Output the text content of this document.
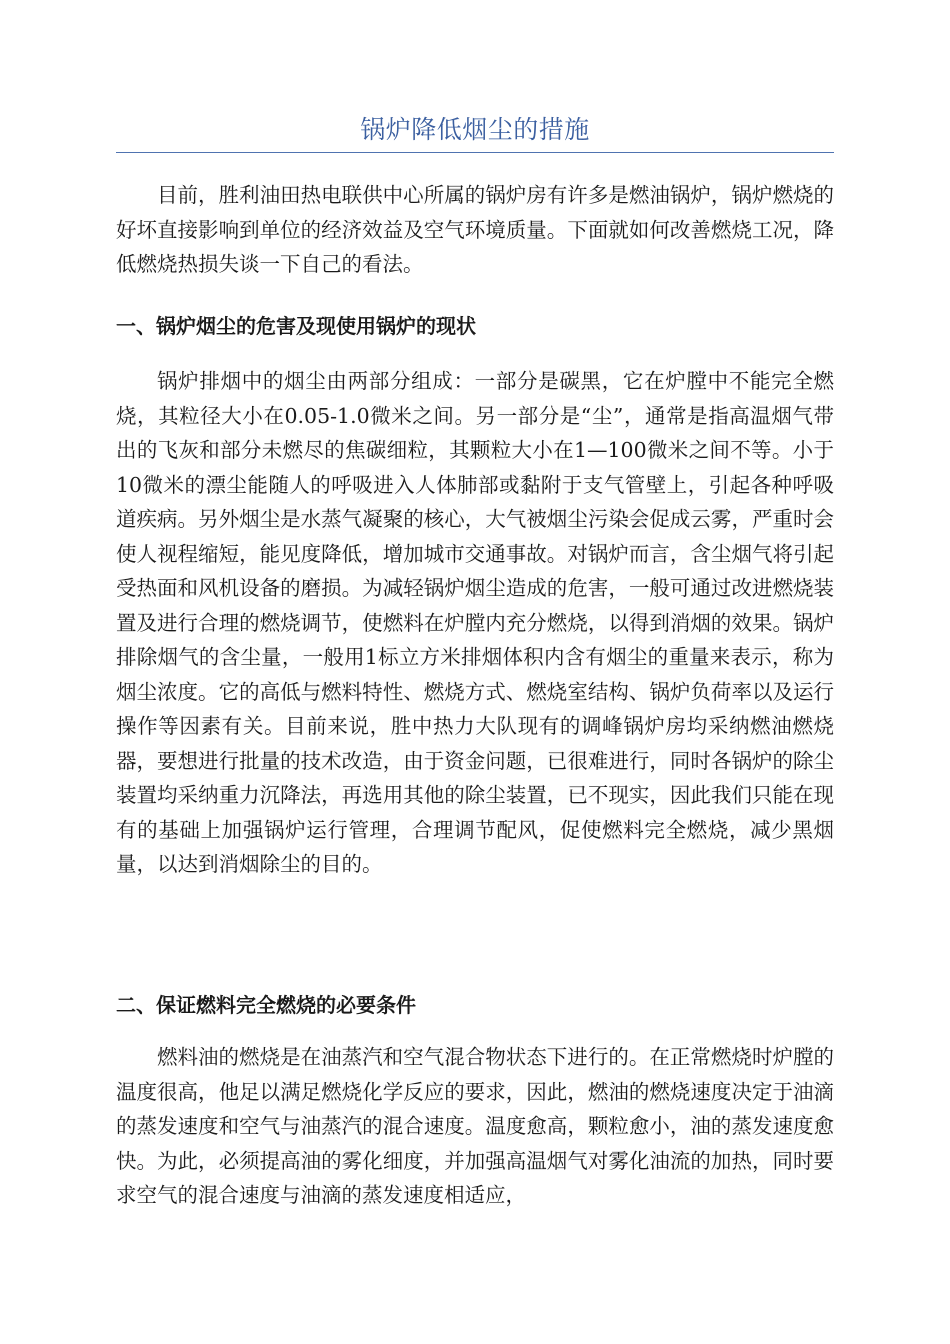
锅炉降低烟尘的措施

目前，胜利油田热电联供中心所属的锅炉房有许多是燃油锅炉，锅炉燃烧的好坏直接影响到单位的经济效益及空气环境质量。下面就如何改善燃烧工况，降低燃烧热损失谈一下自己的看法。

一、锅炉烟尘的危害及现使用锅炉的现状

锅炉排烟中的烟尘由两部分组成：一部分是碳黑，它在炉膛中不能完全燃烧，其粒径大小在0.05-1.0微米之间。另一部分是“尘”，通常是指高温烟气带出的飞灰和部分未燃尽的焦碳细粒，其颗粒大小在1—100微米之间不等。小于10微米的漂尘能随人的呼吸进入人体肺部或黏附于支气管壁上，引起各种呼吸道疾病。另外烟尘是水蒸气凝聚的核心，大气被烟尘污染会促成云雾，严重时会使人视程缩短，能见度降低，增加城市交通事故。对锅炉而言，含尘烟气将引起受热面和风机设备的磨损。为减轻锅炉烟尘造成的危害，一般可通过改进燃烧装置及进行合理的燃烧调节，使燃料在炉膛内充分燃烧，以得到消烟的效果。锅炉排除烟气的含尘量，一般用1标立方米排烟体积内含有烟尘的重量来表示，称为烟尘浓度。它的高低与燃料特性、燃烧方式、燃烧室结构、锅炉负荷率以及运行操作等因素有关。目前来说，胜中热力大队现有的调峰锅炉房均采纳燃油燃烧器，要想进行批量的技术改造，由于资金问题，已很难进行，同时各锅炉的除尘装置均采纳重力沉降法，再选用其他的除尘装置，已不现实，因此我们只能在现有的基础上加强锅炉运行管理，合理调节配风，促使燃料完全燃烧，减少黑烟量，以达到消烟除尘的目的。

二、保证燃料完全燃烧的必要条件

燃料油的燃烧是在油蒸汽和空气混合物状态下进行的。在正常燃烧时炉膛的温度很高，他足以满足燃烧化学反应的要求，因此，燃油的燃烧速度决定于油滴的蒸发速度和空气与油蒸汽的混合速度。温度愈高，颗粒愈小，油的蒸发速度愈快。为此，必须提高油的雾化细度，并加强高温烟气对雾化油流的加热，同时要求空气的混合速度与油滴的蒸发速度相适应，
